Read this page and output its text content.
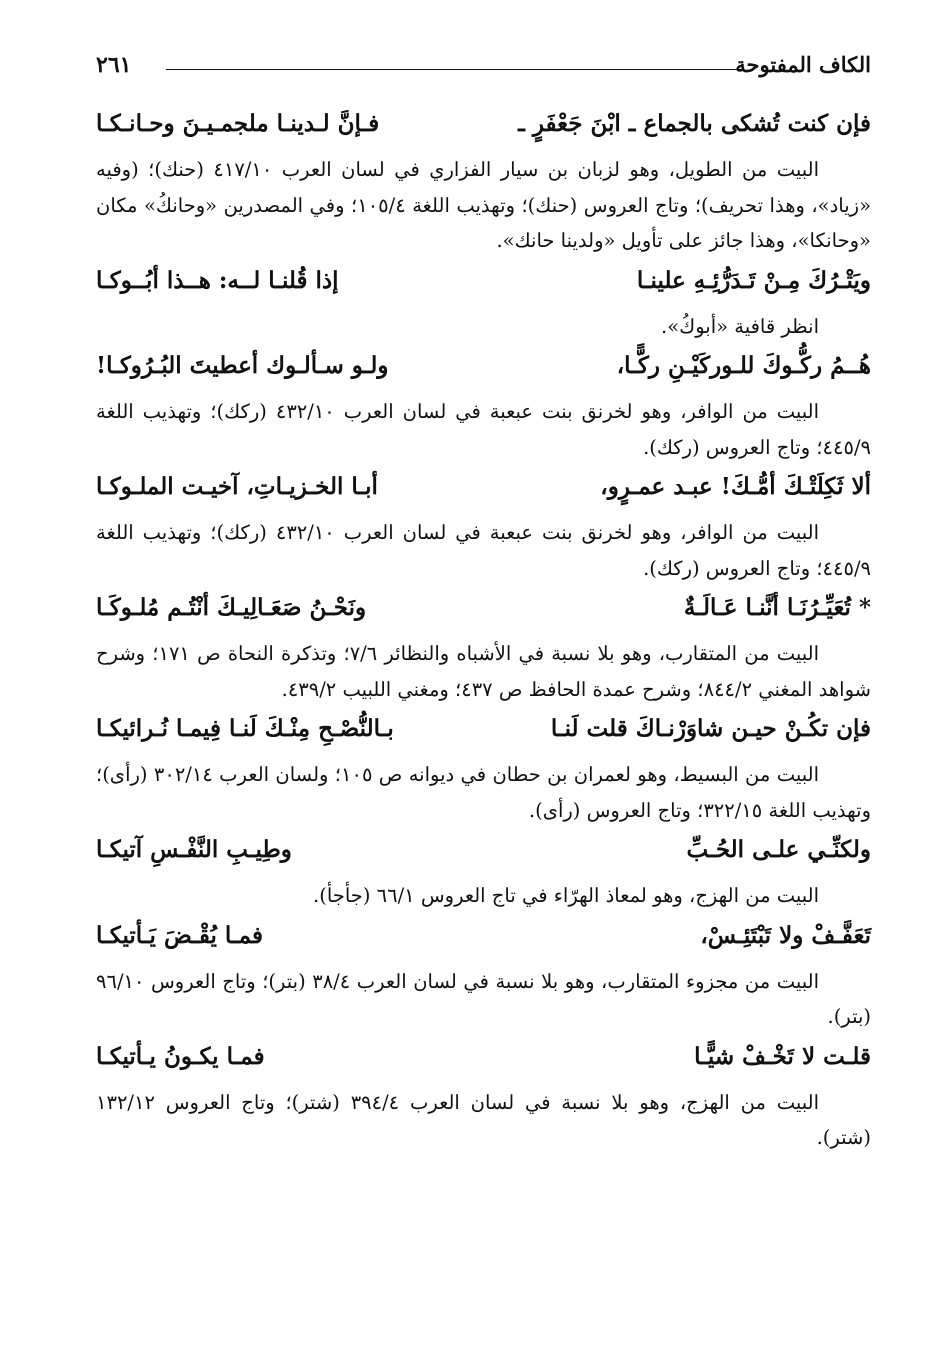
الكاف المفتوحة
٢٦١
فإن كنت تُشكى بالجماع ـ ابْنَ جَعْفَرٍ ـ
فـإنَّ لـدينـا ملجمـيـنَ وحـانـكـا
البيت من الطويل، وهو لزبان بن سيار الفزاري في لسان العرب ٤١٧/١٠ (حنك)؛ (وفيه «زياد»، وهذا تحريف)؛ وتاج العروس (حنك)؛ وتهذيب اللغة ١٠٥/٤؛ وفي المصدرين «وحانكُ» مكان «وحانكا»، وهذا جائز على تأويل «ولدينا حانك».
ويَتْـرُكَ مِـنْ تَـدَرُّئِـهِ علينـا
إذا قُلنـا لــه: هــذا أبُــوكـا
انظر قافية «أبوكُ».
هُــمُ ركُّـوكَ للـوركَيْـنِ ركًّـا،
ولـو سـألـوك أعطيتَ البُـرُوكـا!
البيت من الوافر، وهو لخرنق بنت عبعبة في لسان العرب ٤٣٢/١٠ (ركك)؛ وتهذيب اللغة ٤٤٥/٩؛ وتاج العروس (ركك).
ألا ثَكِلَتْـكَ أمُّـكَ! عبـد عمـرٍو،
أبـا الخـزيـاتِ، آخيـت الملـوكـا
البيت من الوافر، وهو لخرنق بنت عبعبة في لسان العرب ٤٣٢/١٠ (ركك)؛ وتهذيب اللغة ٤٤٥/٩؛ وتاج العروس (ركك).
* تُعَيِّـرُنَـا أنَّنـا عَـالَـةٌ
ونَحْـنُ صَعَـالِيـكَ أنْتُـم مُلـوكَـا
البيت من المتقارب، وهو بلا نسبة في الأشباه والنظائر ٧/٦؛ وتذكرة النحاة ص ١٧١؛ وشرح شواهد المغني ٨٤٤/٢؛ وشرح عمدة الحافظ ص ٤٣٧؛ ومغني اللبيب ٤٣٩/٢.
فإن تكُـنْ حيـن شاوَرْنـاكَ قلت لَنـا
بـالنُّصْـحِ مِنْـكَ لَنـا فِيمـا نُـرائيكـا
البيت من البسيط، وهو لعمران بن حطان في ديوانه ص ١٠٥؛ ولسان العرب ٣٠٢/١٤ (رأى)؛ وتهذيب اللغة ٣٢٢/١٥؛ وتاج العروس (رأى).
ولكنِّـي علـى الحُـبِّ
وطِيـبِ النَّفْـسِ آتيكـا
البيت من الهزج، وهو لمعاذ الهرّاء في تاج العروس ٦٦/١ (جأجأ).
تَعَفَّـفْ ولا تَبْتَئِـسْ،
فمـا يُقْـضَ يَـأتيكـا
البيت من مجزوء المتقارب، وهو بلا نسبة في لسان العرب ٣٨/٤ (بتر)؛ وتاج العروس ٩٦/١٠ (بتر).
قلـت لا تَخْـفْ شيًّـا
فمـا يكـونُ يـأتيكـا
البيت من الهزج، وهو بلا نسبة في لسان العرب ٣٩٤/٤ (شتر)؛ وتاج العروس ١٣٢/١٢ (شتر).
